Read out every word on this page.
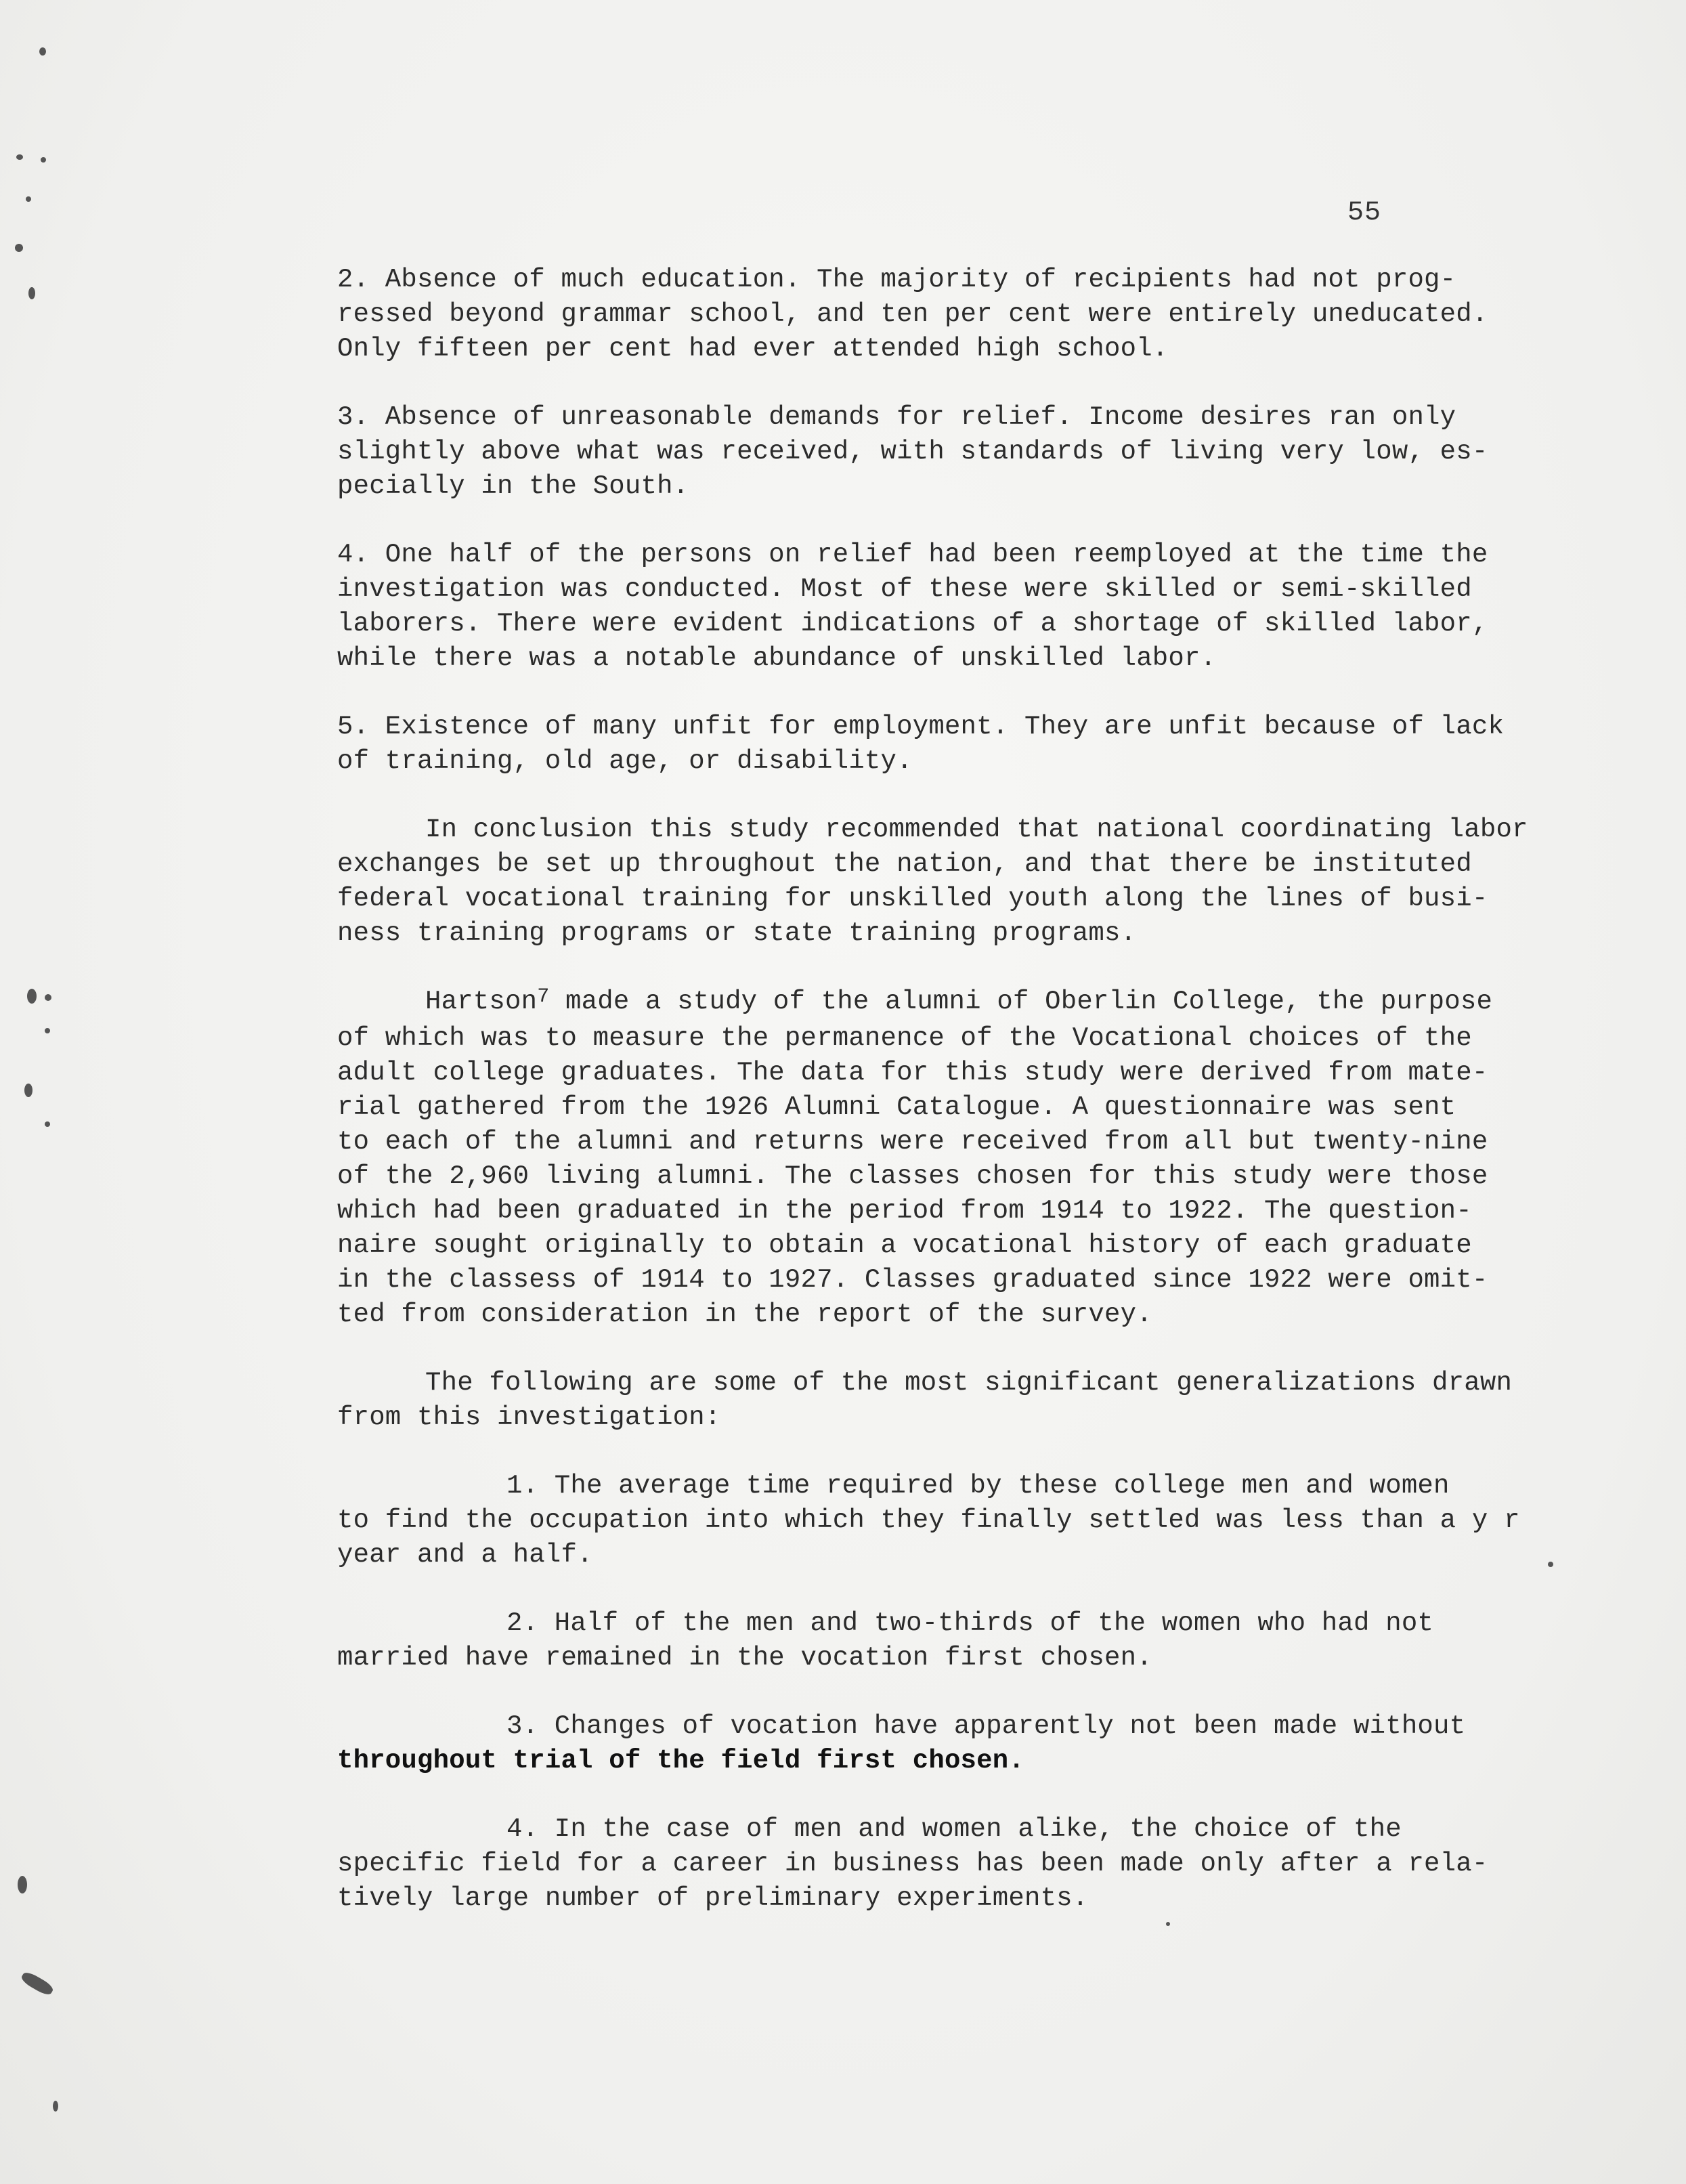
55
2. Absence of much education. The majority of recipients had not prog-
ressed beyond grammar school, and ten per cent were entirely uneducated.
Only fifteen per cent had ever attended high school.
3. Absence of unreasonable demands for relief. Income desires ran only
slightly above what was received, with standards of living very low, es-
pecially in the South.
4. One half of the persons on relief had been reemployed at the time the
investigation was conducted. Most of these were skilled or semi-skilled
laborers. There were evident indications of a shortage of skilled labor,
while there was a notable abundance of unskilled labor.
5. Existence of many unfit for employment. They are unfit because of lack
of training, old age, or disability.
In conclusion this study recommended that national coordinating labor
exchanges be set up throughout the nation, and that there be instituted
federal vocational training for unskilled youth along the lines of busi-
ness training programs or state training programs.
Hartson$^7$ made a study of the alumni of Oberlin College, the purpose
of which was to measure the permanence of the Vocational choices of the
adult college graduates. The data for this study were derived from mate-
rial gathered from the 1926 Alumni Catalogue. A questionnaire was sent
to each of the alumni and returns were received from all but twenty-nine
of the 2,960 living alumni. The classes chosen for this study were those
which had been graduated in the period from 1914 to 1922. The question-
naire sought originally to obtain a vocational history of each graduate
in the classess of 1914 to 1927. Classes graduated since 1922 were omit-
ted from consideration in the report of the survey.
The following are some of the most significant generalizations drawn
from this investigation:
1. The average time required by these college men and women
to find the occupation into which they finally settled was less than a y r
year and a half.
2. Half of the men and two-thirds of the women who had not
married have remained in the vocation first chosen.
3. Changes of vocation have apparently not been made without
throughout trial of the field first chosen.
4. In the case of men and women alike, the choice of the
specific field for a career in business has been made only after a rela-
tively large number of preliminary experiments.
